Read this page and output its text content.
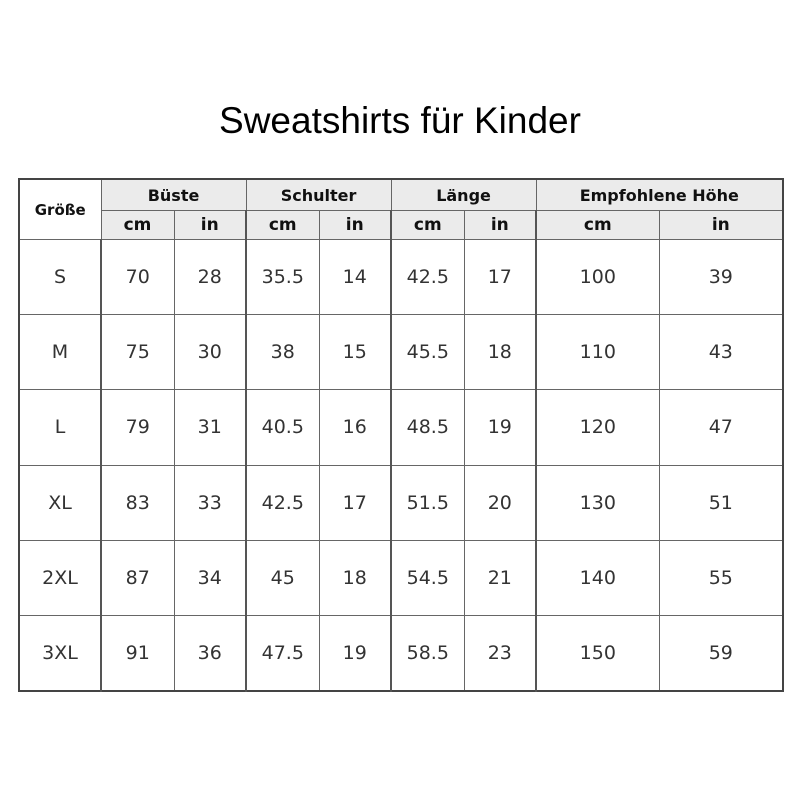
Sweatshirts für Kinder
Größe	Büste		Schulter		Länge		Empfohlene Höhe	
	cm	in	cm	in	cm	in	cm	in
S	70	28	35.5	14	42.5	17	100	39
M	75	30	38	15	45.5	18	110	43
L	79	31	40.5	16	48.5	19	120	47
XL	83	33	42.5	17	51.5	20	130	51
2XL	87	34	45	18	54.5	21	140	55
3XL	91	36	47.5	19	58.5	23	150	59
